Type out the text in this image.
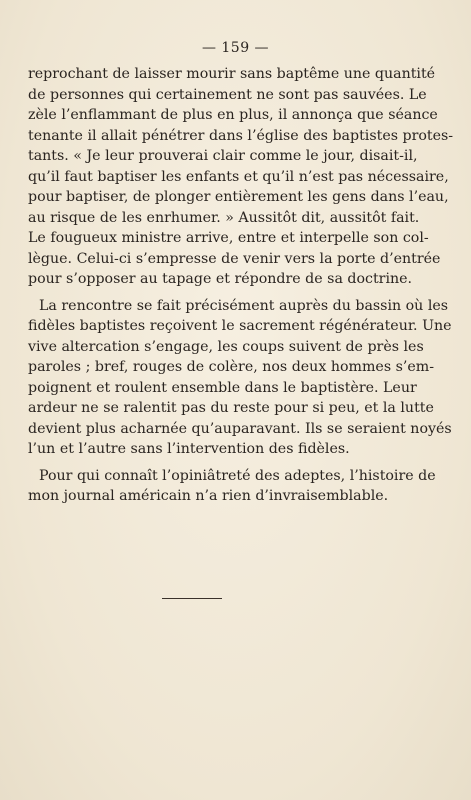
— 159 —
reprochant de laisser mourir sans baptême une quantité
de personnes qui certainement ne sont pas sauvées. Le
zèle l’enflammant de plus en plus, il annonça que séance
tenante il allait pénétrer dans l’église des baptistes protes-
tants. « Je leur prouverai clair comme le jour, disait-il,
qu’il faut baptiser les enfants et qu’il n’est pas nécessaire,
pour baptiser, de plonger entièrement les gens dans l’eau,
au risque de les enrhumer. » Aussitôt dit, aussitôt fait.
Le fougueux ministre arrive, entre et interpelle son col-
lègue. Celui-ci s’empresse de venir vers la porte d’entrée
pour s’opposer au tapage et répondre de sa doctrine.
La rencontre se fait précisément auprès du bassin où les
fidèles baptistes reçoivent le sacrement régénérateur. Une
vive altercation s’engage, les coups suivent de près les
paroles ; bref, rouges de colère, nos deux hommes s’em-
poignent et roulent ensemble dans le baptistère. Leur
ardeur ne se ralentit pas du reste pour si peu, et la lutte
devient plus acharnée qu’auparavant. Ils se seraient noyés
l’un et l’autre sans l’intervention des fidèles.
Pour qui connaît l’opiniâtreté des adeptes, l’histoire de
mon journal américain n’a rien d’invraisemblable.
